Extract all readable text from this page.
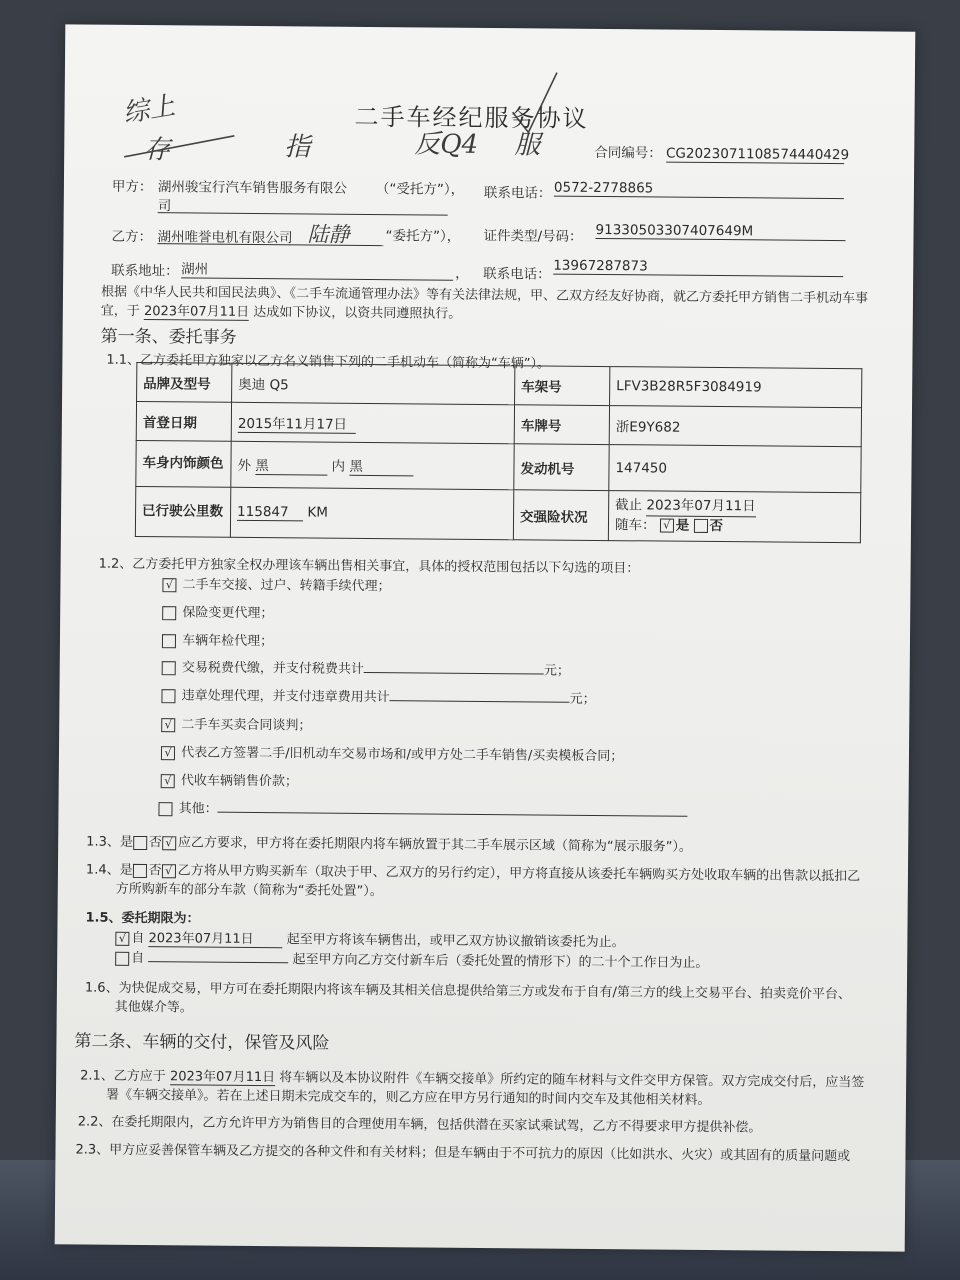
综上
存	指	反Q4 服
二手车经纪服务协议
合同编号： CG2023071108574440429
甲方： 湖州骏宝行汽车销售服务有限公
司
（“受托方”）， 联系电话： 0572-2778865
乙方： 湖州唯誉电机有限公司 陆静	“委托方”）， 证件类型/号码： 91330503307407649M
联系地址： 湖州	， 联系电话： 13967287873
根据《中华人民共和国民法典》、《二手车流通管理办法》等有关法律法规，甲、乙双方经友好协商，就乙方委托甲方销售二手机动车事
宜，于 2023年07月11日 达成如下协议，以资共同遵照执行。
第一条、委托事务
1.1、乙方委托甲方独家以乙方名义销售下列的二手机动车（简称为“车辆”）。
品牌及型号	奥迪 Q5	车架号	LFV3B28R5F3084919
首登日期	2015年11月17日	车牌号	浙E9Y682
车身内饰颜色	外 黑 内 黑	发动机号	147450
已行驶公里数	115847 KM	交强险状况	截止 2023年07月11日
随车： √ 是 否
1.2、乙方委托甲方独家全权办理该车辆出售相关事宜，具体的授权范围包括以下勾选的项目：
√ 二手车交接、过户、转籍手续代理；
保险变更代理；
车辆年检代理；
交易税费代缴，并支付税费共计	元；
违章处理代理，并支付违章费用共计	元；
√ 二手车买卖合同谈判；
√ 代表乙方签署二手/旧机动车交易市场和/或甲方处二手车销售/买卖模板合同；
√ 代收车辆销售价款；
其他：
1.3、是 否 √ 应乙方要求，甲方将在委托期限内将车辆放置于其二手车展示区域（简称为“展示服务”）。
1.4、是 否 √ 乙方将从甲方购买新车（取决于甲、乙双方的另行约定），甲方将直接从该委托车辆购买方处收取车辆的出售款以抵扣乙
方所购新车的部分车款（简称为“委托处置”）。
1.5、委托期限为：
√ 自 2023年07月11日	起至甲方将该车辆售出，或甲乙双方协议撤销该委托为止。
自	起至甲方向乙方交付新车后（委托处置的情形下）的二十个工作日为止。
1.6、为快促成交易，甲方可在委托期限内将该车辆及其相关信息提供给第三方或发布于自有/第三方的线上交易平台、拍卖竞价平台、
其他媒介等。
第二条、车辆的交付，保管及风险
2.1、乙方应于 2023年07月11日 将车辆以及本协议附件《车辆交接单》所约定的随车材料与文件交甲方保管。双方完成交付后，应当签
署《车辆交接单》。若在上述日期未完成交车的，则乙方应在甲方另行通知的时间内交车及其他相关材料。
2.2、在委托期限内，乙方允许甲方为销售目的合理使用车辆，包括供潜在买家试乘试驾，乙方不得要求甲方提供补偿。
2.3、甲方应妥善保管车辆及乙方提交的各种文件和有关材料；但是车辆由于不可抗力的原因（比如洪水、火灾）或其固有的质量问题或
